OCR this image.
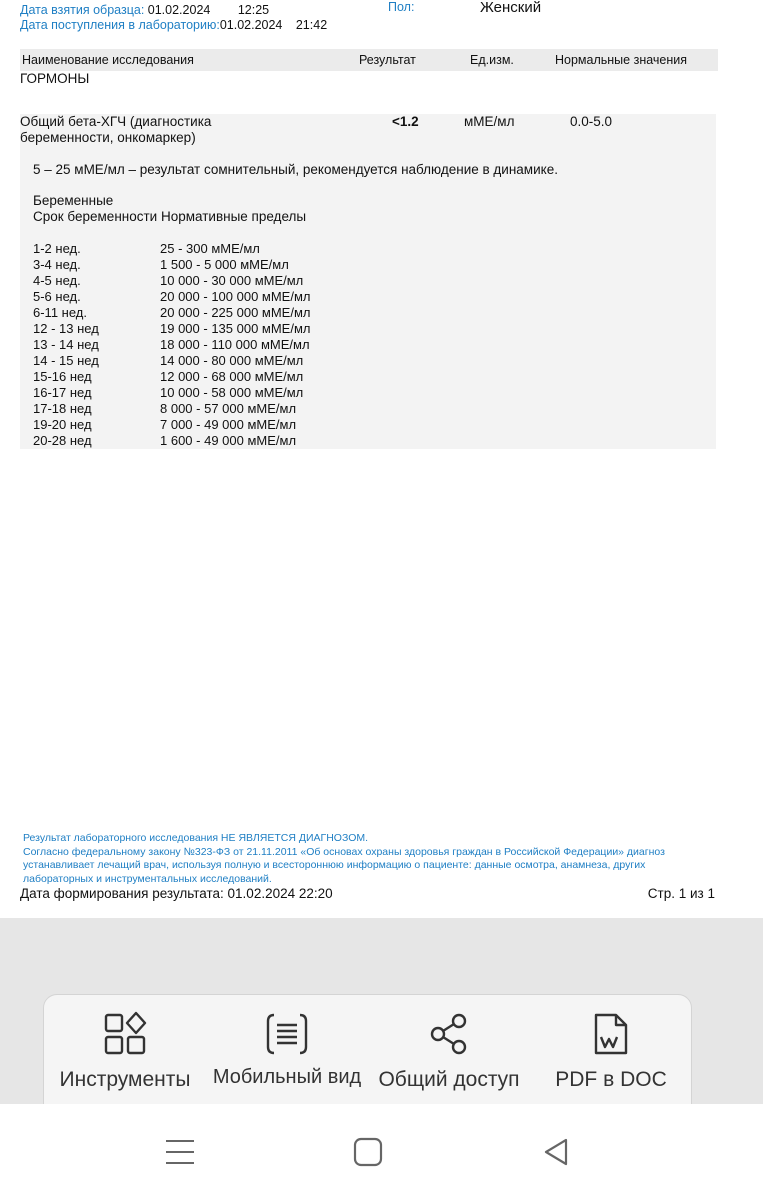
Дата взятия образца: 01.02.2024 12:25
Дата поступления в лабораторию:01.02.2024 21:42
Пол:	Женский
Наименование исследования	Результат	Ед.изм.	Нормальные значения
ГОРМОНЫ
Общий бета-ХГЧ (диагностика беременности, онкомаркер)
<1.2	мМЕ/мл	0.0-5.0
5 – 25 мМЕ/мл – результат сомнительный, рекомендуется наблюдение в динамике.
Беременные
Срок беременности Нормативные пределы
1-2 нед.	25 - 300 мМЕ/мл
3-4 нед.	1 500 - 5 000 мМЕ/мл
4-5 нед.	10 000 - 30 000 мМЕ/мл
5-6 нед.	20 000 - 100 000 мМЕ/мл
6-11 нед.	20 000 - 225 000 мМЕ/мл
12 - 13 нед	19 000 - 135 000 мМЕ/мл
13 - 14 нед	18 000 - 110 000 мМЕ/мл
14 - 15 нед	14 000 - 80 000 мМЕ/мл
15-16 нед	12 000 - 68 000 мМЕ/мл
16-17 нед	10 000 - 58 000 мМЕ/мл
17-18 нед	8 000 - 57 000 мМЕ/мл
19-20 нед	7 000 - 49 000 мМЕ/мл
20-28 нед	1 600 - 49 000 мМЕ/мл
Результат лабораторного исследования НЕ ЯВЛЯЕТСЯ ДИАГНОЗОМ.
Согласно федеральному закону №323-ФЗ от 21.11.2011 «Об основах охраны здоровья граждан в Российской Федерации» диагноз устанавливает лечащий врач, используя полную и всестороннюю информацию о пациенте: данные осмотра, анамнеза, других лабораторных и инструментальных исследований.
Дата формирования результата: 01.02.2024 22:20	Стр. 1 из 1
Инструменты	Мобильный вид Общий доступ	PDF в DOC
